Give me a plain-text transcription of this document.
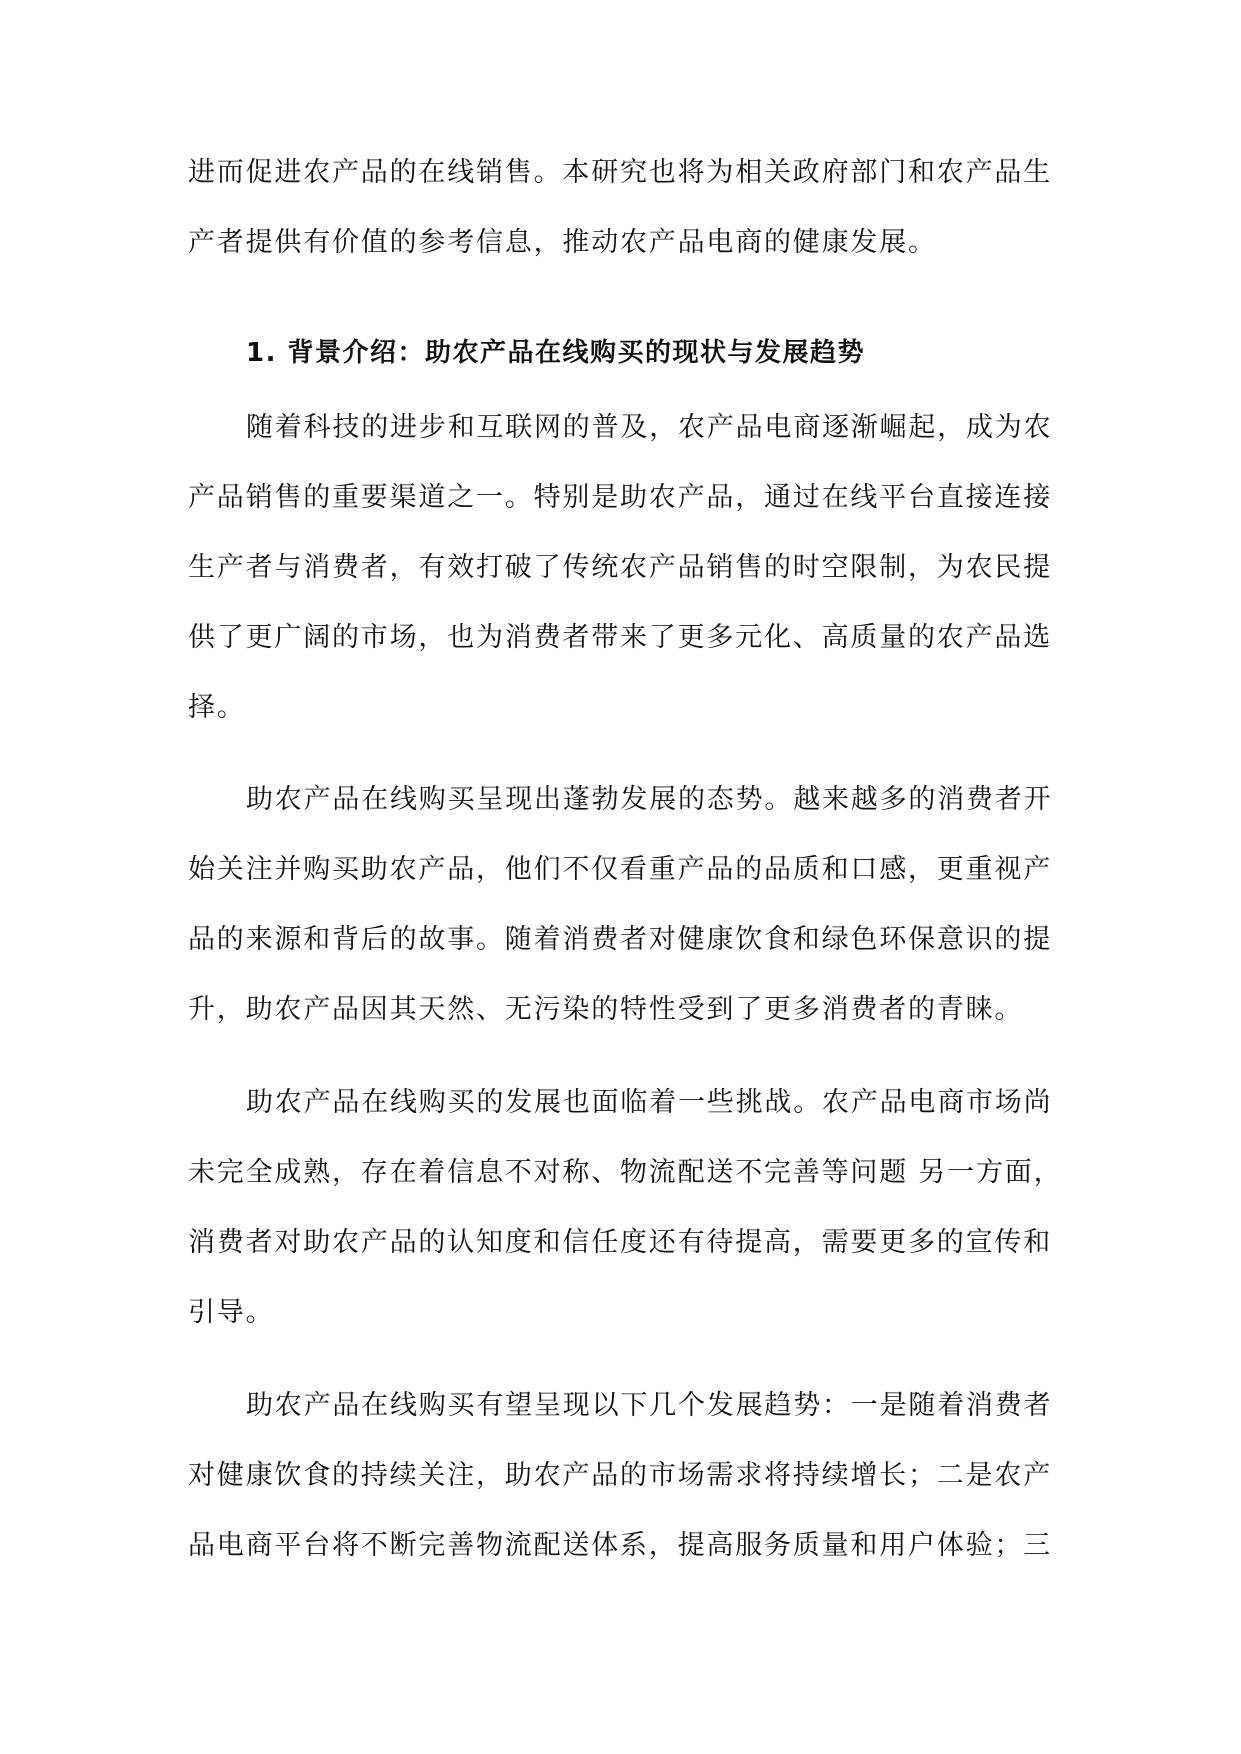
进而促进农产品的在线销售。本研究也将为相关政府部门和农产品生
产者提供有价值的参考信息，推动农产品电商的健康发展。
1. 背景介绍：助农产品在线购买的现状与发展趋势
随着科技的进步和互联网的普及，农产品电商逐渐崛起，成为农
产品销售的重要渠道之一。特别是助农产品，通过在线平台直接连接
生产者与消费者，有效打破了传统农产品销售的时空限制，为农民提
供了更广阔的市场，也为消费者带来了更多元化、高质量的农产品选
择。
助农产品在线购买呈现出蓬勃发展的态势。越来越多的消费者开
始关注并购买助农产品，他们不仅看重产品的品质和口感，更重视产
品的来源和背后的故事。随着消费者对健康饮食和绿色环保意识的提
升，助农产品因其天然、无污染的特性受到了更多消费者的青睐。
助农产品在线购买的发展也面临着一些挑战。农产品电商市场尚
未完全成熟，存在着信息不对称、物流配送不完善等问题 另一方面，
消费者对助农产品的认知度和信任度还有待提高，需要更多的宣传和
引导。
助农产品在线购买有望呈现以下几个发展趋势：一是随着消费者
对健康饮食的持续关注，助农产品的市场需求将持续增长；二是农产
品电商平台将不断完善物流配送体系，提高服务质量和用户体验；三
